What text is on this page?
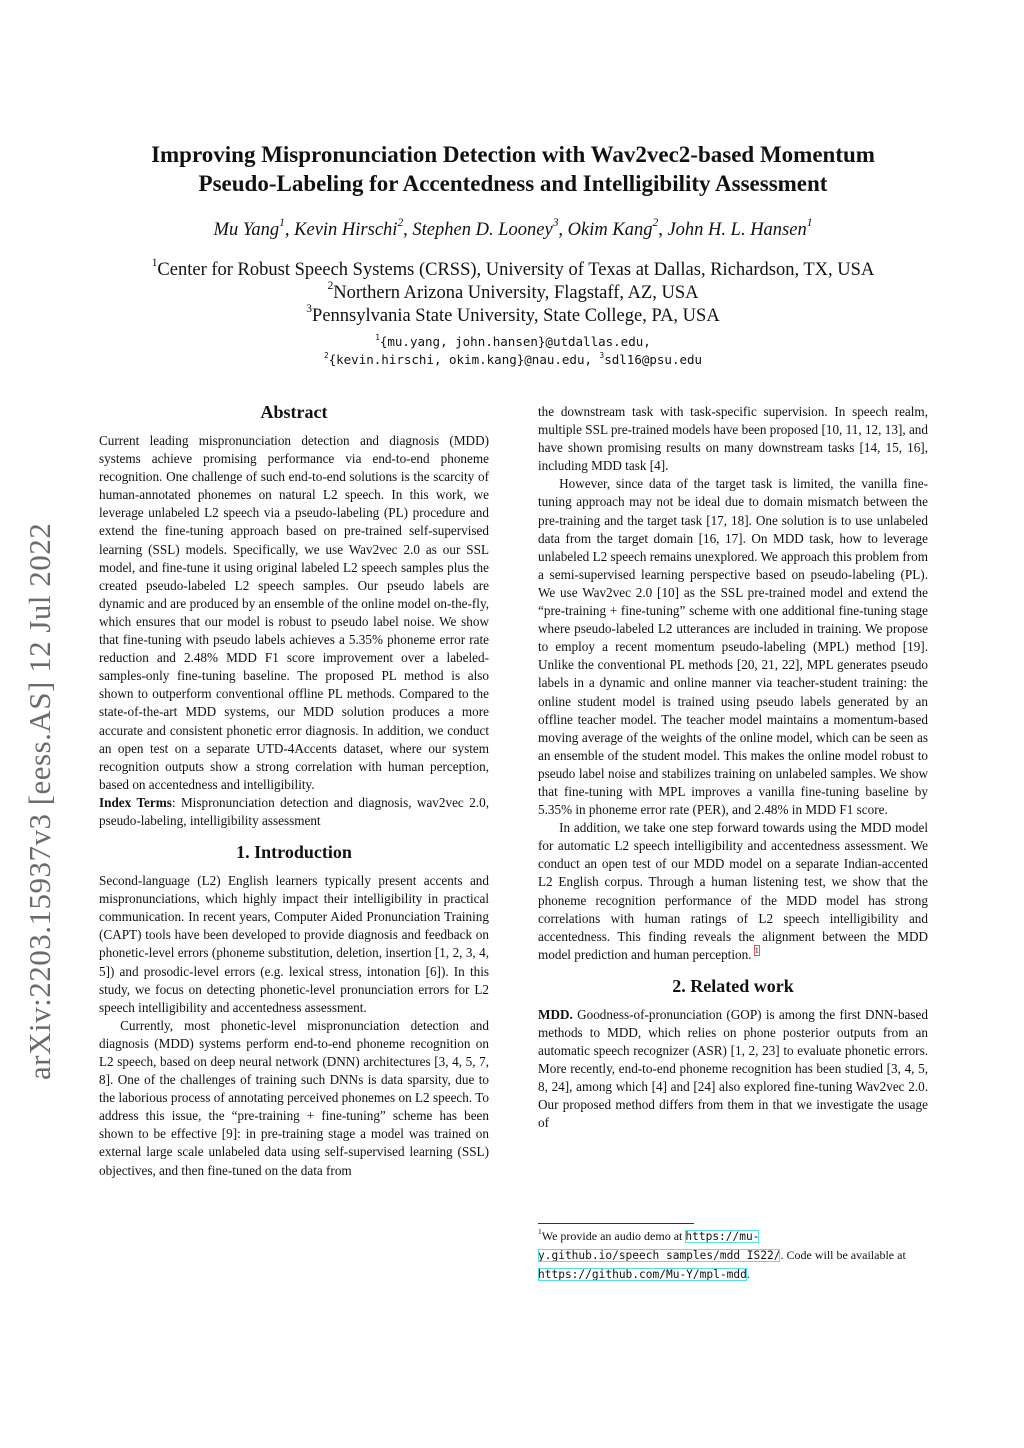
arXiv:2203.15937v3 [eess.AS] 12 Jul 2022
Improving Mispronunciation Detection with Wav2vec2-based Momentum
Pseudo-Labeling for Accentedness and Intelligibility Assessment
Mu Yang$^1$, Kevin Hirschi$^2$, Stephen D. Looney$^3$, Okim Kang$^2$, John H. L. Hansen$^1$
$^1$Center for Robust Speech Systems (CRSS), University of Texas at Dallas, Richardson, TX, USA
$^2$Northern Arizona University, Flagstaff, AZ, USA
$^3$Pennsylvania State University, State College, PA, USA
$^1${mu.yang, john.hansen}@utdallas.edu,
$^2${kevin.hirschi, okim.kang}@nau.edu, $^3$sdl16@psu.edu
Abstract

Current leading mispronunciation detection and diagnosis (MDD) systems achieve promising performance via end-to-end phoneme recognition. One challenge of such end-to-end solutions is the scarcity of human-annotated phonemes on natural L2 speech. In this work, we leverage unlabeled L2 speech via a pseudo-labeling (PL) procedure and extend the fine-tuning approach based on pre-trained self-supervised learning (SSL) models. Specifically, we use Wav2vec 2.0 as our SSL model, and fine-tune it using original labeled L2 speech samples plus the created pseudo-labeled L2 speech samples. Our pseudo labels are dynamic and are produced by an ensemble of the online model on-the-fly, which ensures that our model is robust to pseudo label noise. We show that fine-tuning with pseudo labels achieves a 5.35% phoneme error rate reduction and 2.48% MDD F1 score improvement over a labeled-samples-only fine-tuning baseline. The proposed PL method is also shown to outperform conventional offline PL methods. Compared to the state-of-the-art MDD systems, our MDD solution produces a more accurate and consistent phonetic error diagnosis. In addition, we conduct an open test on a separate UTD-4Accents dataset, where our system recognition outputs show a strong correlation with human perception, based on accentedness and intelligibility.

Index Terms: Mispronunciation detection and diagnosis, wav2vec 2.0, pseudo-labeling, intelligibility assessment

1. Introduction

Second-language (L2) English learners typically present accents and mispronunciations, which highly impact their intelligibility in practical communication. In recent years, Computer Aided Pronunciation Training (CAPT) tools have been developed to provide diagnosis and feedback on phonetic-level errors (phoneme substitution, deletion, insertion [1, 2, 3, 4, 5]) and prosodic-level errors (e.g. lexical stress, intonation [6]). In this study, we focus on detecting phonetic-level pronunciation errors for L2 speech intelligibility and accentedness assessment.

Currently, most phonetic-level mispronunciation detection and diagnosis (MDD) systems perform end-to-end phoneme recognition on L2 speech, based on deep neural network (DNN) architectures [3, 4, 5, 7, 8]. One of the challenges of training such DNNs is data sparsity, due to the laborious process of annotating perceived phonemes on L2 speech. To address this issue, the “pre-training + fine-tuning” scheme has been shown to be effective [9]: in pre-training stage a model was trained on external large scale unlabeled data using self-supervised learning (SSL) objectives, and then fine-tuned on the data from

the downstream task with task-specific supervision. In speech realm, multiple SSL pre-trained models have been proposed [10, 11, 12, 13], and have shown promising results on many downstream tasks [14, 15, 16], including MDD task [4].

However, since data of the target task is limited, the vanilla fine-tuning approach may not be ideal due to domain mismatch between the pre-training and the target task [17, 18]. One solution is to use unlabeled data from the target domain [16, 17]. On MDD task, how to leverage unlabeled L2 speech remains unexplored. We approach this problem from a semi-supervised learning perspective based on pseudo-labeling (PL). We use Wav2vec 2.0 [10] as the SSL pre-trained model and extend the “pre-training + fine-tuning” scheme with one additional fine-tuning stage where pseudo-labeled L2 utterances are included in training. We propose to employ a recent momentum pseudo-labeling (MPL) method [19]. Unlike the conventional PL methods [20, 21, 22], MPL generates pseudo labels in a dynamic and online manner via teacher-student training: the online student model is trained using pseudo labels generated by an offline teacher model. The teacher model maintains a momentum-based moving average of the weights of the online model, which can be seen as an ensemble of the student model. This makes the online model robust to pseudo label noise and stabilizes training on unlabeled samples. We show that fine-tuning with MPL improves a vanilla fine-tuning baseline by 5.35% in phoneme error rate (PER), and 2.48% in MDD F1 score.

In addition, we take one step forward towards using the MDD model for automatic L2 speech intelligibility and accentedness assessment. We conduct an open test of our MDD model on a separate Indian-accented L2 English corpus. Through a human listening test, we show that the phoneme recognition performance of the MDD model has strong correlations with human ratings of L2 speech intelligibility and accentedness. This finding reveals the alignment between the MDD model prediction and human perception. $^1$

2. Related work

MDD. Goodness-of-pronunciation (GOP) is among the first DNN-based methods to MDD, which relies on phone posterior outputs from an automatic speech recognizer (ASR) [1, 2, 23] to evaluate phonetic errors. More recently, end-to-end phoneme recognition has been studied [3, 4, 5, 8, 24], among which [4] and [24] also explored fine-tuning Wav2vec 2.0. Our proposed method differs from them in that we investigate the usage of

$^1$We provide an audio demo at https://mu-y.github.io/speech_samples/mdd_IS22/. Code will be available at https://github.com/Mu-Y/mpl-mdd.
